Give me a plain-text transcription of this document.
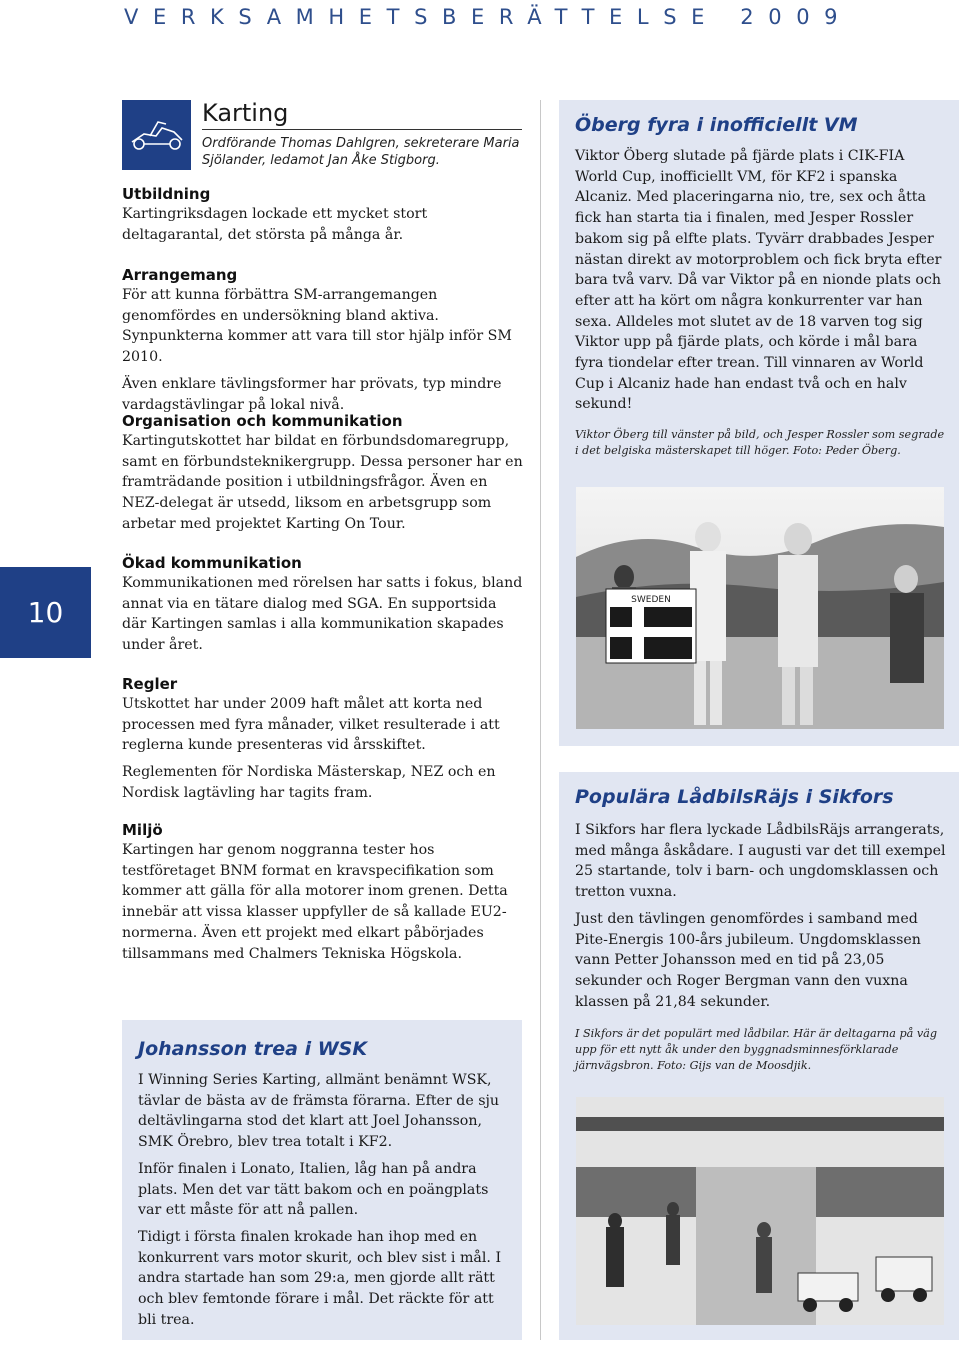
VERKSAMHETSBERÄTTELSE 2009
10
Karting
Ordförande Thomas Dahlgren, sekreterare Maria Sjölander, ledamot Jan Åke Stigborg.
Utbildning

Kartingriksdagen lockade ett mycket stort deltagarantal, det största på många år.

Arrangemang

För att kunna förbättra SM-arrangemangen genomfördes en undersökning bland aktiva. Synpunkterna kommer att vara till stor hjälp inför SM 2010.

Även enklare tävlingsformer har prövats, typ mindre vardagstävlingar på lokal nivå.

Organisation och kommunikation

Kartingutskottet har bildat en förbundsdomaregrupp, samt en förbundsteknikergrupp. Dessa personer har en framträdande position i utbildningsfrågor. Även en NEZ-delegat är utsedd, liksom en arbetsgrupp som arbetar med projektet Karting On Tour.

Ökad kommunikation

Kommunikationen med rörelsen har satts i fokus, bland annat via en tätare dialog med SGA. En supportsida där Kartingen samlas i alla kommunikation skapades under året.

Regler

Utskottet har under 2009 haft målet att korta ned processen med fyra månader, vilket resulterade i att reglerna kunde presenteras vid årsskiftet.

Reglementen för Nordiska Mästerskap, NEZ och en Nordisk lagtävling har tagits fram.

Miljö

Kartingen har genom noggranna tester hos testföretaget BNM format en kravspecifikation som kommer att gälla för alla motorer inom grenen. Detta innebär att vissa klasser uppfyller de så kallade EU2-normerna. Även ett projekt med elkart påbörjades tillsammans med Chalmers Tekniska Högskola.

Johansson trea i WSK

I Winning Series Karting, allmänt benämnt WSK, tävlar de bästa av de främsta förarna. Efter de sju deltävlingarna stod det klart att Joel Johansson, SMK Örebro, blev trea totalt i KF2.

Inför finalen i Lonato, Italien, låg han på andra plats. Men det var tätt bakom och en poängplats var ett måste för att nå pallen.

Tidigt i första finalen krokade han ihop med en konkurrent vars motor skurit, och blev sist i mål. I andra startade han som 29:a, men gjorde allt rätt och blev femtonde förare i mål. Det räckte för att bli trea.

Öberg fyra i inofficiellt VM

Viktor Öberg slutade på fjärde plats i CIK-FIA World Cup, inofficiellt VM, för KF2 i spanska Alcaniz. Med placeringarna nio, tre, sex och åtta fick han starta tia i finalen, med Jesper Rossler bakom sig på elfte plats. Tyvärr drabbades Jesper nästan direkt av motorproblem och fick bryta efter bara två varv. Då var Viktor på en nionde plats och efter att ha kört om några konkurrenter var han sexa. Alldeles mot slutet av de 18 varven tog sig Viktor upp på fjärde plats, och körde i mål bara fyra tiondelar efter trean. Till vinnaren av World Cup i Alcaniz hade han endast två och en halv sekund!

Viktor Öberg till vänster på bild, och Jesper Rossler som segrade i det belgiska mästerskapet till höger. Foto: Peder Öberg.
SWEDEN
Populära LådbilsRäjs i Sikfors

I Sikfors har flera lyckade LådbilsRäjs arrangerats, med många åskådare. I augusti var det till exempel 25 startande, tolv i barn- och ungdomsklassen och tretton vuxna.

Just den tävlingen genomfördes i samband med Pite-Energis 100-års jubileum. Ungdomsklassen vann Petter Johansson med en tid på 23,05 sekunder och Roger Bergman vann den vuxna klassen på 21,84 sekunder.

I Sikfors är det populärt med lådbilar. Här är deltagarna på väg upp för ett nytt åk under den byggnadsminnesförklarade järnvägsbron. Foto: Gijs van de Moosdjik.
